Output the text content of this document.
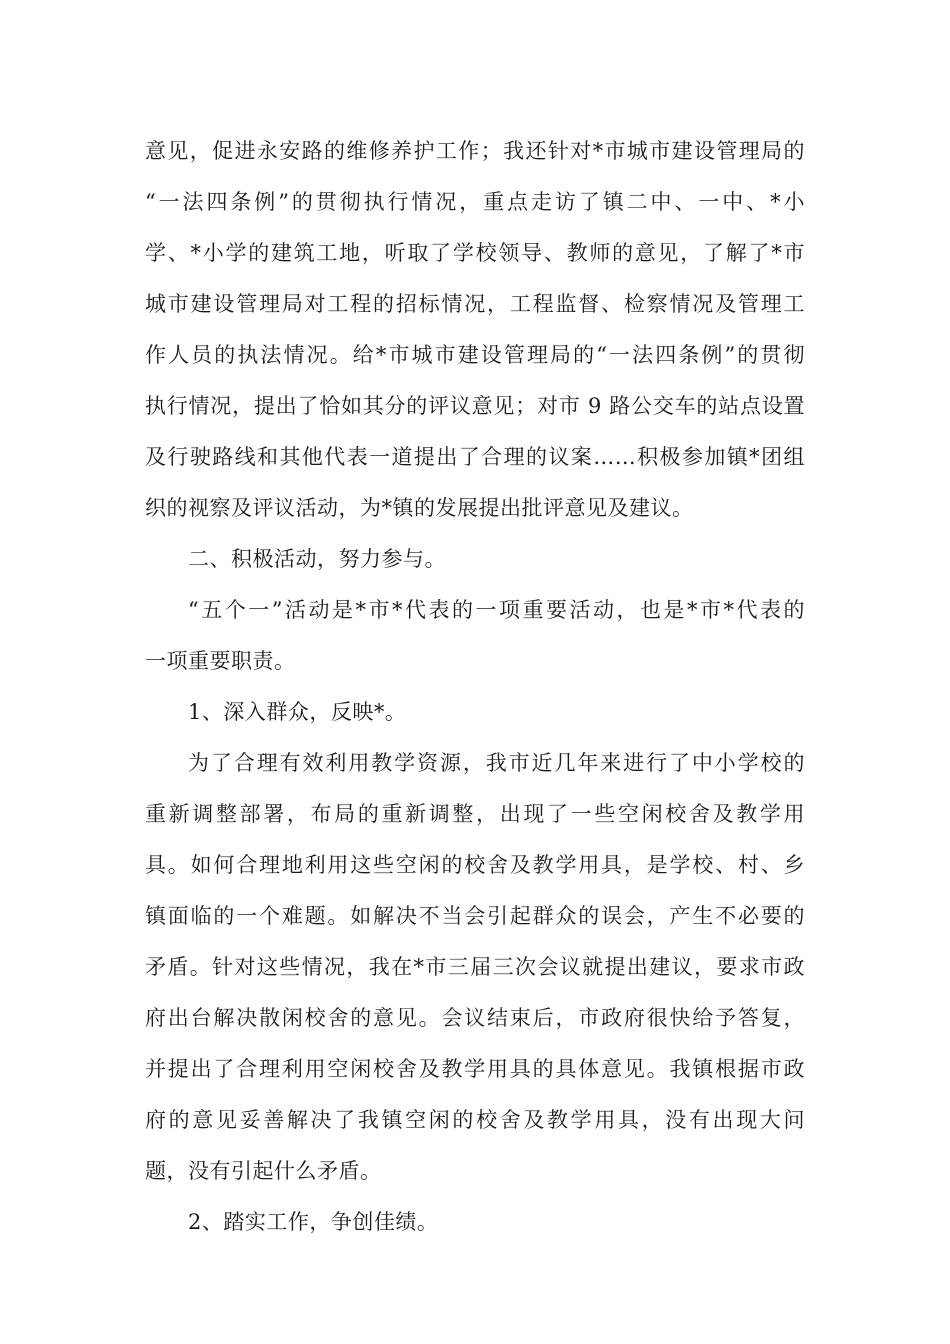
意见，促进永安路的维修养护工作；我还针对*市城市建设管理局的
“一法四条例”的贯彻执行情况，重点走访了镇二中、一中、*小
学、*小学的建筑工地，听取了学校领导、教师的意见，了解了*市
城市建设管理局对工程的招标情况，工程监督、检察情况及管理工
作人员的执法情况。给*市城市建设管理局的“一法四条例”的贯彻
执行情况，提出了恰如其分的评议意见；对市 9 路公交车的站点设置
及行驶路线和其他代表一道提出了合理的议案……积极参加镇*团组
织的视察及评议活动，为*镇的发展提出批评意见及建议。
二、积极活动，努力参与。
“五个一”活动是*市*代表的一项重要活动，也是*市*代表的
一项重要职责。
1、深入群众，反映*。
为了合理有效利用教学资源，我市近几年来进行了中小学校的
重新调整部署，布局的重新调整，出现了一些空闲校舍及教学用
具。如何合理地利用这些空闲的校舍及教学用具，是学校、村、乡
镇面临的一个难题。如解决不当会引起群众的误会，产生不必要的
矛盾。针对这些情况，我在*市三届三次会议就提出建议，要求市政
府出台解决散闲校舍的意见。会议结束后，市政府很快给予答复，
并提出了合理利用空闲校舍及教学用具的具体意见。我镇根据市政
府的意见妥善解决了我镇空闲的校舍及教学用具，没有出现大问
题，没有引起什么矛盾。
2、踏实工作，争创佳绩。
